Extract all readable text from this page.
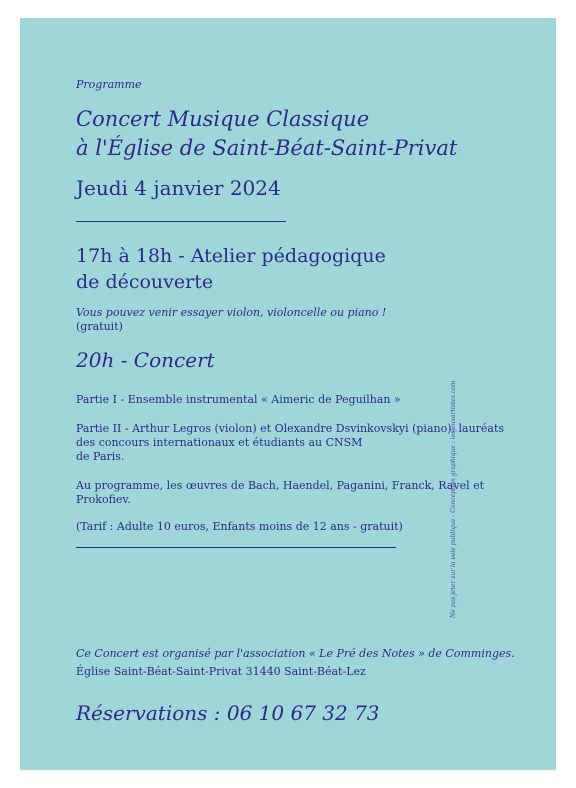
Programme

Concert Musique Classique
à l'Église de Saint-Béat-Saint-Privat

Jeudi 4 janvier 2024

17h à 18h - Atelier pédagogique
de découverte

Vous pouvez venir essayer violon, violoncelle ou piano !

(gratuit)

20h - Concert

Partie I - Ensemble instrumental « Aimeric de Peguilhan »

Partie II - Arthur Legros (violon) et Olexandre Dsvinkovskyi (piano), lauréats
des concours internationaux et étudiants au CNSM
de Paris.
Au programme, les œuvres de Bach, Haendel, Paganini, Franck, Ravel et
Prokofiev.

(Tarif : Adulte 10 euros, Enfants moins de 12 ans - gratuit)

Ce Concert est organisé par l'association « Le Pré des Notes » de Comminges.

Église Saint-Béat-Saint-Privat 31440 Saint-Béat-Lez

Réservations : 06 10 67 32 73

Ne pas jeter sur la voie publique - Conception graphique : lesjeuxartistes.com
